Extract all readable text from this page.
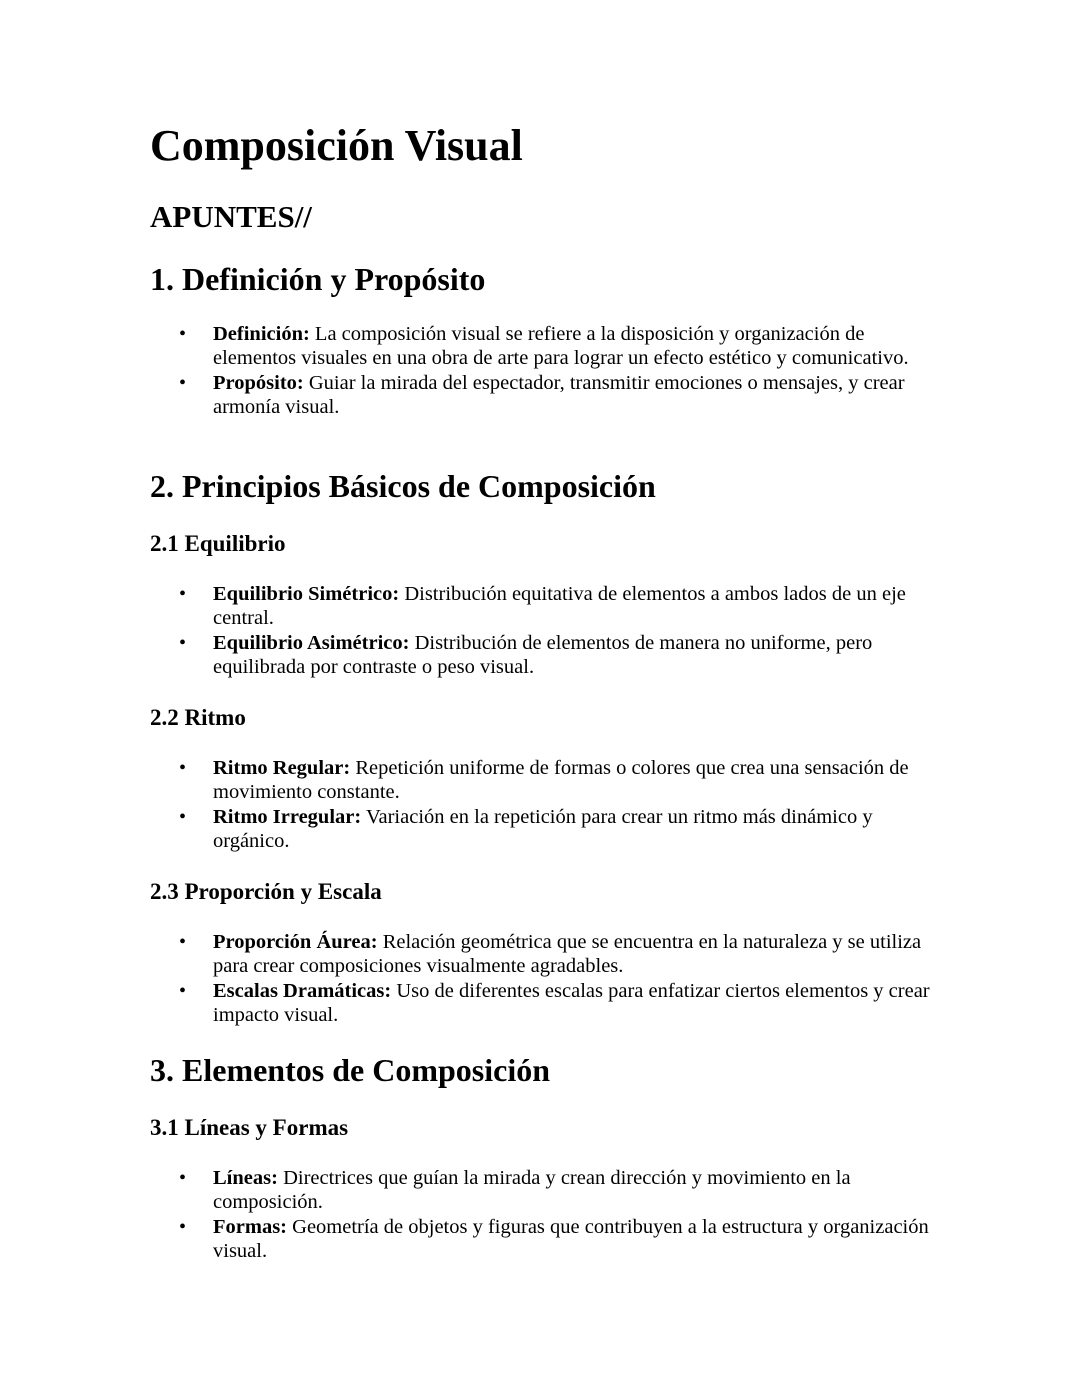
Composición Visual
APUNTES//
1. Definición y Propósito
• Definición: La composición visual se refiere a la disposición y organización de elementos visuales en una obra de arte para lograr un efecto estético y comunicativo.
• Propósito: Guiar la mirada del espectador, transmitir emociones o mensajes, y crear armonía visual.
2. Principios Básicos de Composición
2.1 Equilibrio
• Equilibrio Simétrico: Distribución equitativa de elementos a ambos lados de un eje central.
• Equilibrio Asimétrico: Distribución de elementos de manera no uniforme, pero equilibrada por contraste o peso visual.
2.2 Ritmo
• Ritmo Regular: Repetición uniforme de formas o colores que crea una sensación de movimiento constante.
• Ritmo Irregular: Variación en la repetición para crear un ritmo más dinámico y orgánico.
2.3 Proporción y Escala
• Proporción Áurea: Relación geométrica que se encuentra en la naturaleza y se utiliza para crear composiciones visualmente agradables.
• Escalas Dramáticas: Uso de diferentes escalas para enfatizar ciertos elementos y crear impacto visual.
3. Elementos de Composición
3.1 Líneas y Formas
• Líneas: Directrices que guían la mirada y crean dirección y movimiento en la composición.
• Formas: Geometría de objetos y figuras que contribuyen a la estructura y organización visual.
